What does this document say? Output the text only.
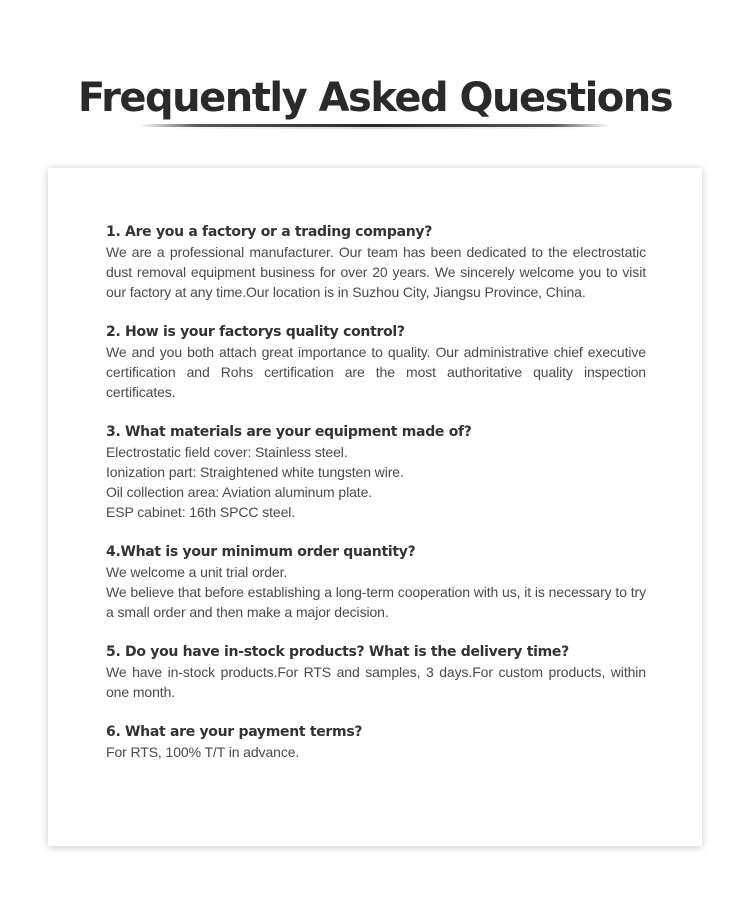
Frequently Asked Questions

1. Are you a factory or a trading company?

We are a professional manufacturer. Our team has been dedicated to the electrostatic dust removal equipment business for over 20 years. We sincerely welcome you to visit our factory at any time.Our location is in Suzhou City, Jiangsu Province, China.

2. How is your factorys quality control?

We and you both attach great importance to quality. Our administrative chief executive certification and Rohs certification are the most authoritative quality inspection certificates.

3. What materials are your equipment made of?

Electrostatic field cover: Stainless steel.
Ionization part: Straightened white tungsten wire.
Oil collection area: Aviation aluminum plate.
ESP cabinet: 16th SPCC steel.

4.What is your minimum order quantity?

We welcome a unit trial order.
We believe that before establishing a long-term cooperation with us, it is necessary to try a small order and then make a major decision.

5. Do you have in-stock products? What is the delivery time?

We have in-stock products.For RTS and samples, 3 days.For custom products, within one month.

6. What are your payment terms?

For RTS, 100% T/T in advance.
